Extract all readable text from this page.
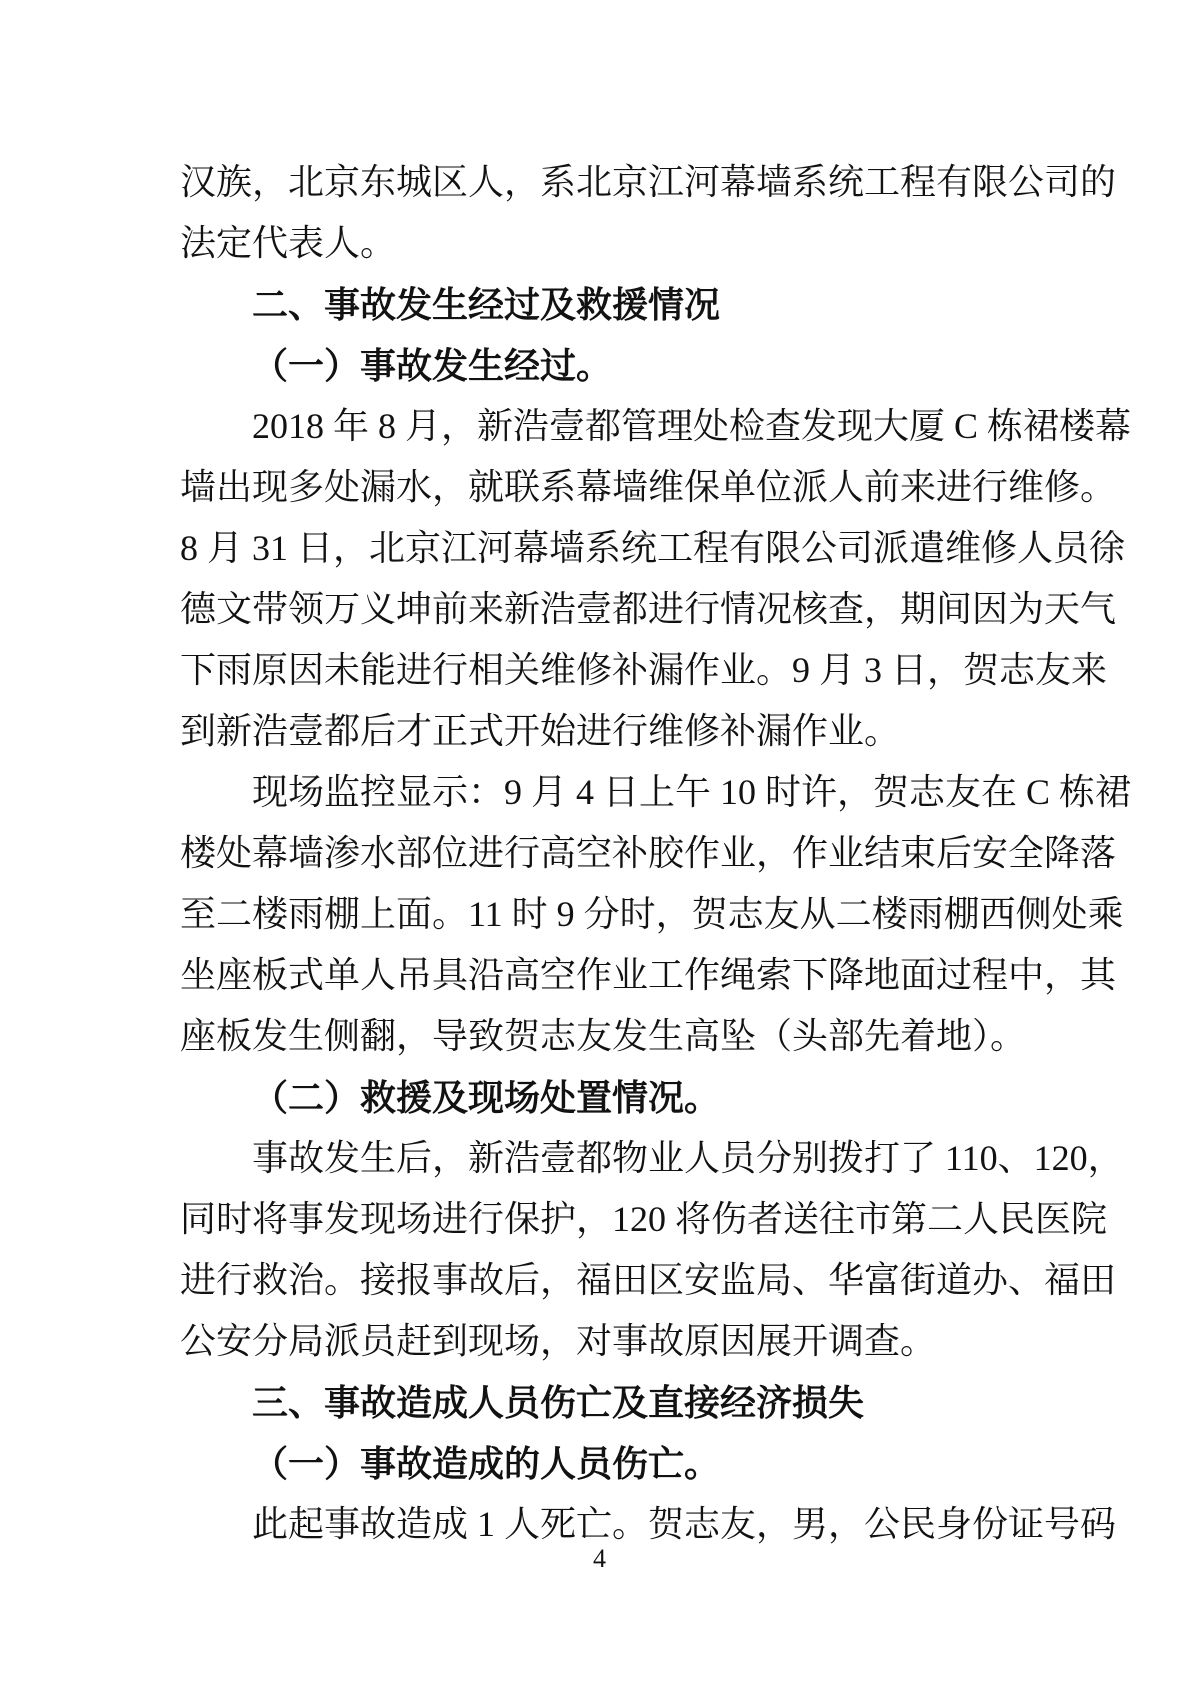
汉族，北京东城区人，系北京江河幕墙系统工程有限公司的
法定代表人。
二、事故发生经过及救援情况
（一）事故发生经过。
2018 年 8 月，新浩壹都管理处检查发现大厦 C 栋裙楼幕
墙出现多处漏水，就联系幕墙维保单位派人前来进行维修。
8 月 31 日，北京江河幕墙系统工程有限公司派遣维修人员徐
德文带领万义坤前来新浩壹都进行情况核查，期间因为天气
下雨原因未能进行相关维修补漏作业。9 月 3 日，贺志友来
到新浩壹都后才正式开始进行维修补漏作业。
现场监控显示：9 月 4 日上午 10 时许，贺志友在 C 栋裙
楼处幕墙渗水部位进行高空补胶作业，作业结束后安全降落
至二楼雨棚上面。11 时 9 分时，贺志友从二楼雨棚西侧处乘
坐座板式单人吊具沿高空作业工作绳索下降地面过程中，其
座板发生侧翻，导致贺志友发生高坠（头部先着地）。
（二）救援及现场处置情况。
事故发生后，新浩壹都物业人员分别拨打了 110、120，
同时将事发现场进行保护，120 将伤者送往市第二人民医院
进行救治。接报事故后，福田区安监局、华富街道办、福田
公安分局派员赶到现场，对事故原因展开调查。
三、事故造成人员伤亡及直接经济损失
（一）事故造成的人员伤亡。
此起事故造成 1 人死亡。贺志友，男，公民身份证号码
4
